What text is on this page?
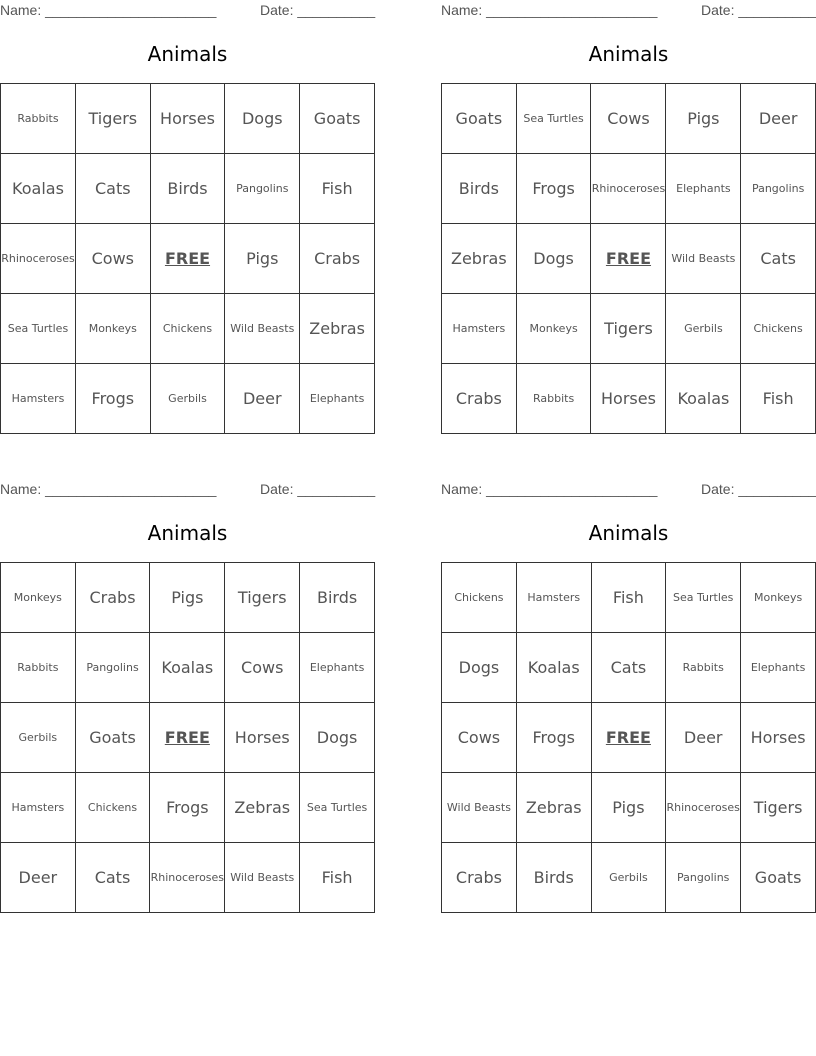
Name: ______________________	Date: __________
Animals
Rabbits	Tigers	Horses	Dogs	Goats
Koalas	Cats	Birds	Pangolins	Fish
Rhinoceroses	Cows	FREE	Pigs	Crabs
Sea Turtles	Monkeys	Chickens	Wild Beasts	Zebras
Hamsters	Frogs	Gerbils	Deer	Elephants
Name: ______________________	Date: __________
Animals
Goats	Sea Turtles	Cows	Pigs	Deer
Birds	Frogs	Rhinoceroses	Elephants	Pangolins
Zebras	Dogs	FREE	Wild Beasts	Cats
Hamsters	Monkeys	Tigers	Gerbils	Chickens
Crabs	Rabbits	Horses	Koalas	Fish
Name: ______________________	Date: __________
Animals
Monkeys	Crabs	Pigs	Tigers	Birds
Rabbits	Pangolins	Koalas	Cows	Elephants
Gerbils	Goats	FREE	Horses	Dogs
Hamsters	Chickens	Frogs	Zebras	Sea Turtles
Deer	Cats	Rhinoceroses	Wild Beasts	Fish
Name: ______________________	Date: __________
Animals
Chickens	Hamsters	Fish	Sea Turtles	Monkeys
Dogs	Koalas	Cats	Rabbits	Elephants
Cows	Frogs	FREE	Deer	Horses
Wild Beasts	Zebras	Pigs	Rhinoceroses	Tigers
Crabs	Birds	Gerbils	Pangolins	Goats
